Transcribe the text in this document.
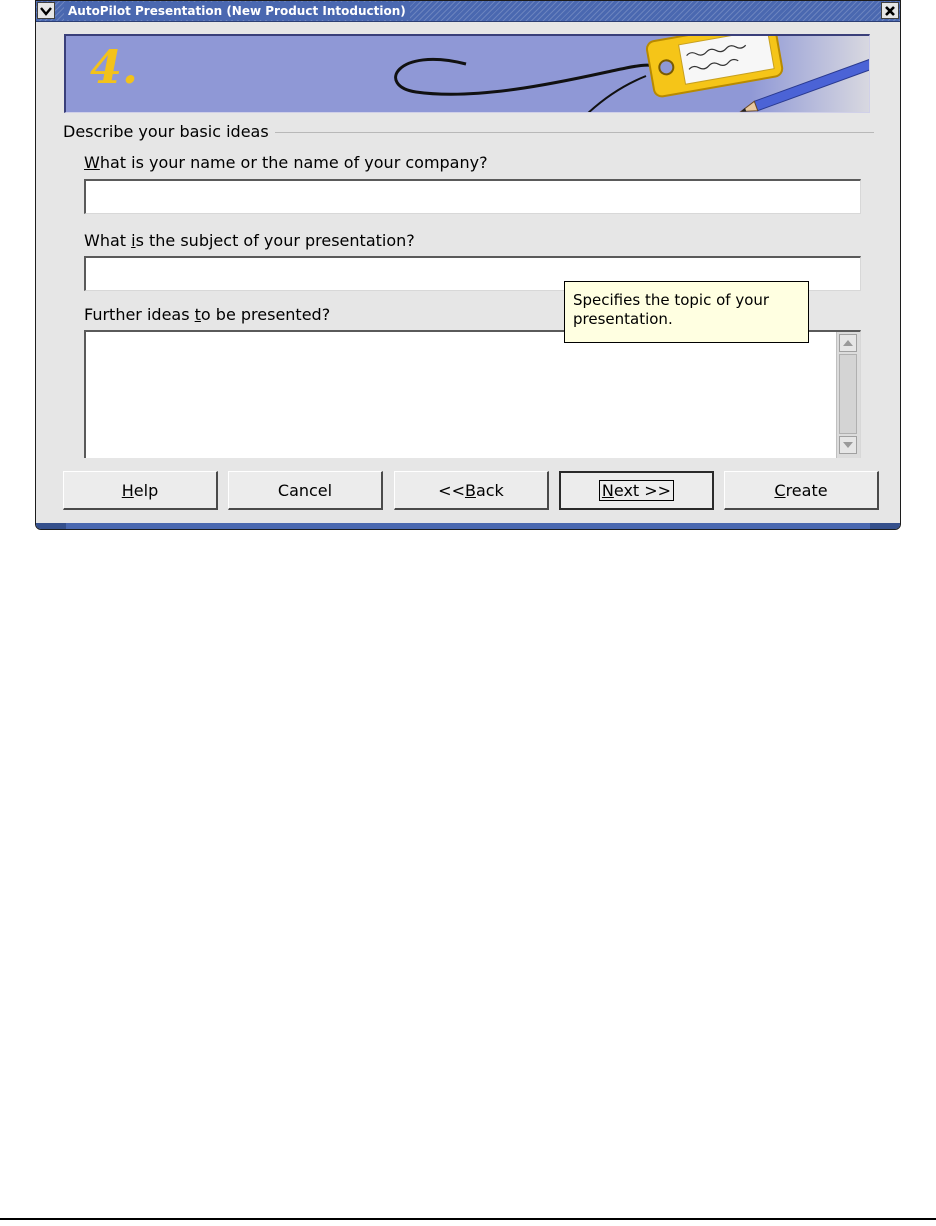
AutoPilot Presentation (New Product Intoduction)
4.
Describe your basic ideas
What is your name or the name of your company?
What is the subject of your presentation?
Further ideas to be presented?
H elp	Cancel	<< B ack	Next >>	C reate
Specifies the topic of your presentation.
